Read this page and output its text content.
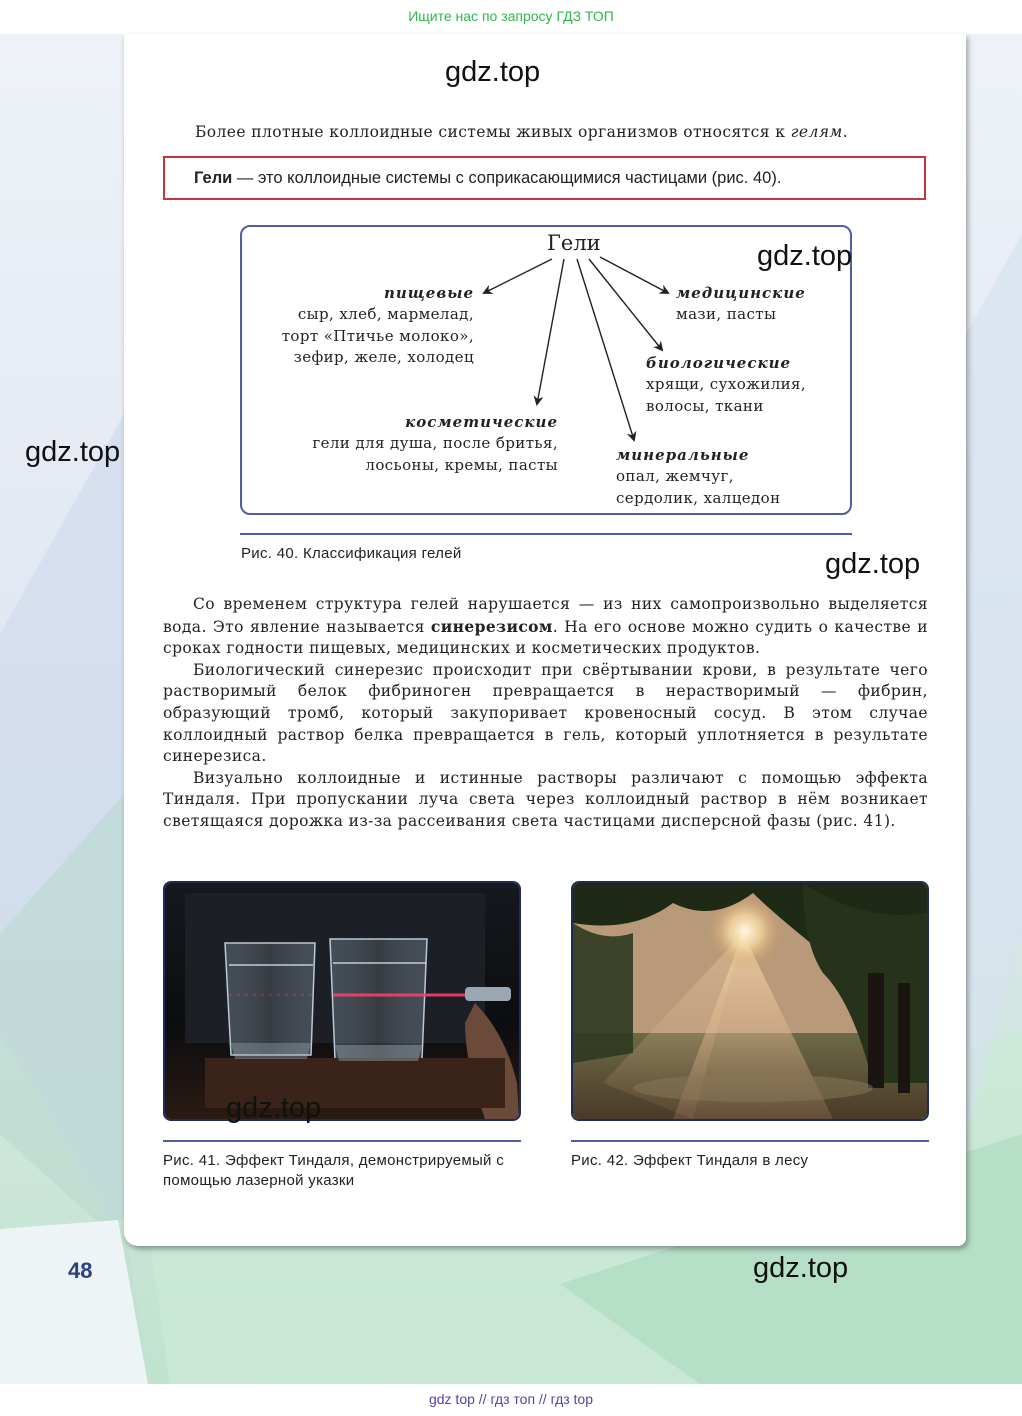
Ищите нас по запросу ГДЗ ТОП
Более плотные коллоидные системы живых организмов относятся к гелям.
Гели — это коллоидные системы с соприкасающимися частицами (рис. 40).
Гели
пищевые
сыр, хлеб, мармелад,
торт «Птичье молоко»,
зефир, желе, холодец
медицинские
мази, пасты
биологические
хрящи, сухожилия,
волосы, ткани
косметические
гели для душа, после бритья,
лосьоны, кремы, пасты
минеральные
опал, жемчуг,
сердолик, халцедон
Рис. 40. Классификация гелей
Со временем структура гелей нарушается — из них самопроизвольно выделяется вода. Это явление называется синерезисом. На его основе можно судить о качестве и сроках годности пищевых, медицинских и косметических продуктов.
Биологический синерезис происходит при свёртывании крови, в результате чего растворимый белок фибриноген превращается в нерастворимый — фибрин, образующий тромб, который закупоривает кровеносный сосуд. В этом случае коллоидный раствор белка превращается в гель, который уплотняется в результате синерезиса.
Визуально коллоидные и истинные растворы различают с помощью эффекта Тиндаля. При пропускании луча света через коллоидный раствор в нём возникает светящаяся дорожка из-за рассеивания света частицами дисперсной фазы (рис. 41).
Рис. 41. Эффект Тиндаля, демонстрируемый с помощью лазерной указки
Рис. 42. Эффект Тиндаля в лесу
48
gdz.top
gdz.top
gdz.top
gdz.top
gdz.top
gdz.top
gdz top // гдз топ // гдз top
